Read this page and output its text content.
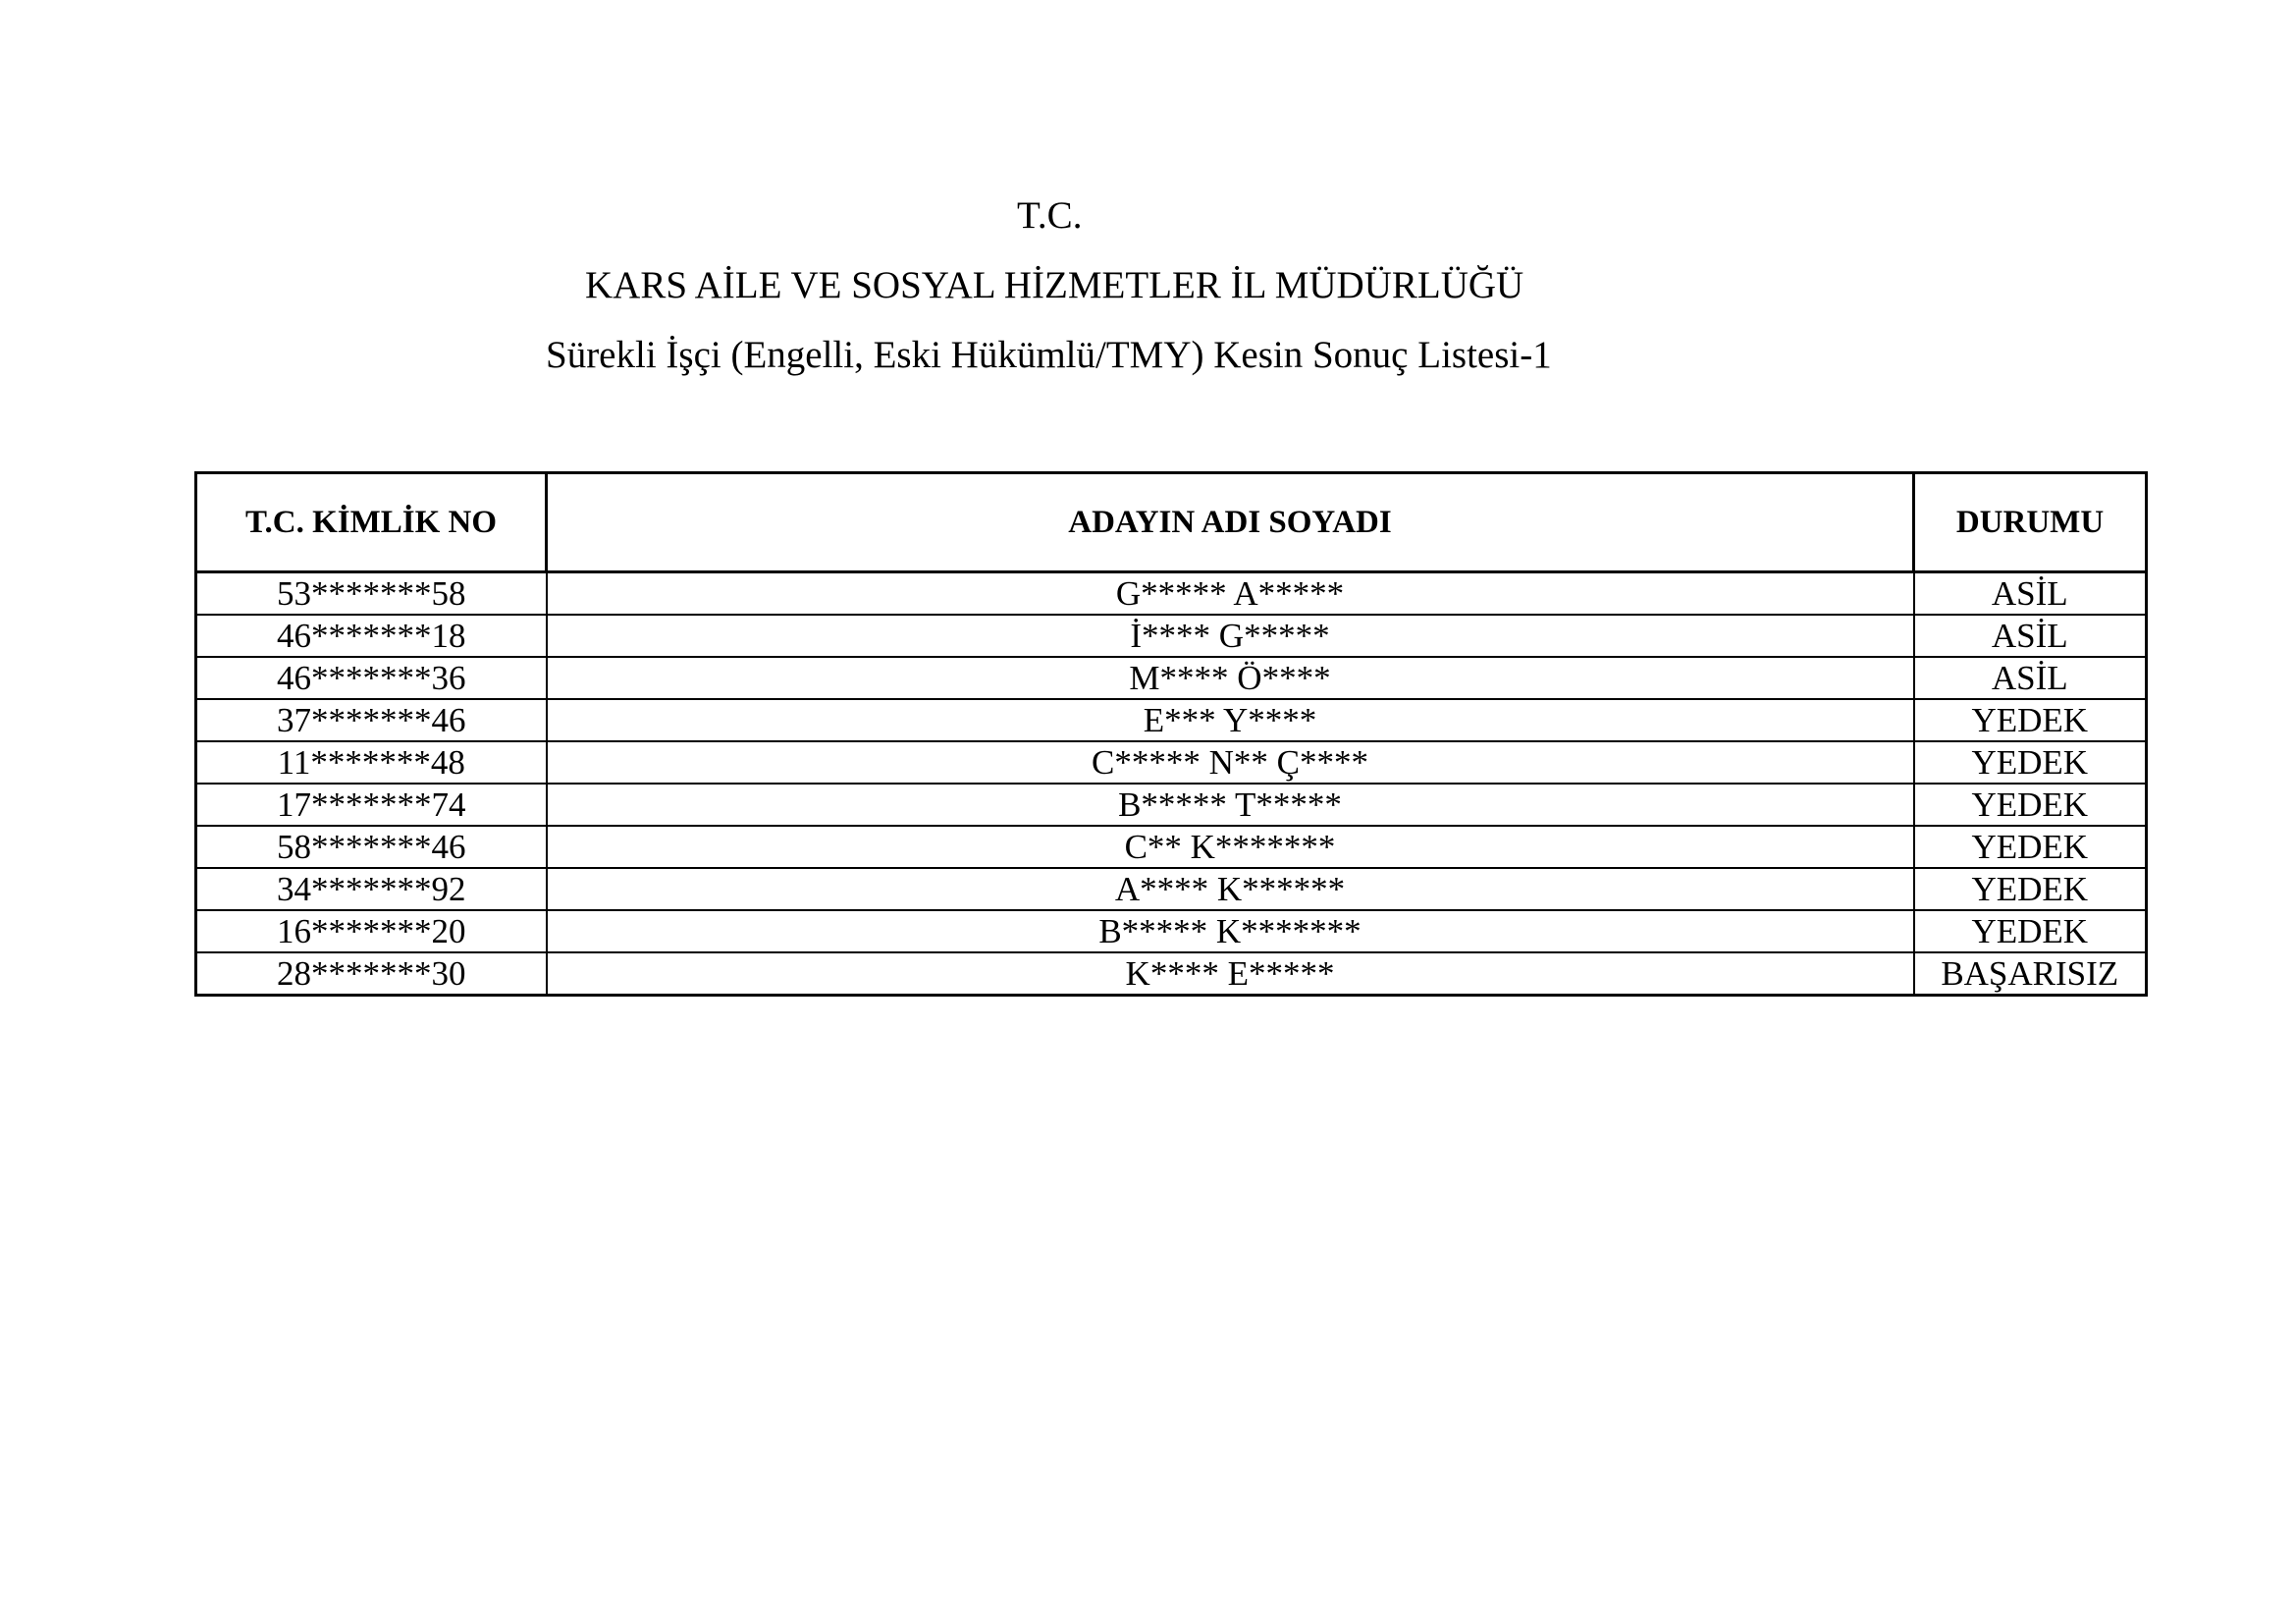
T.C.
KARS AİLE VE SOSYAL HİZMETLER İL MÜDÜRLÜĞÜ
Sürekli İşçi (Engelli, Eski Hükümlü/TMY) Kesin Sonuç Listesi-1
T.C. KİMLİK NO	ADAYIN ADI SOYADI	DURUMU
53*******58	G***** A*****	ASİL
46*******18	İ**** G*****	ASİL
46*******36	M**** Ö****	ASİL
37*******46	E*** Y****	YEDEK
11*******48	C***** N** Ç****	YEDEK
17*******74	B***** T*****	YEDEK
58*******46	C** K*******	YEDEK
34*******92	A**** K******	YEDEK
16*******20	B***** K*******	YEDEK
28*******30	K**** E*****	BAŞARISIZ
